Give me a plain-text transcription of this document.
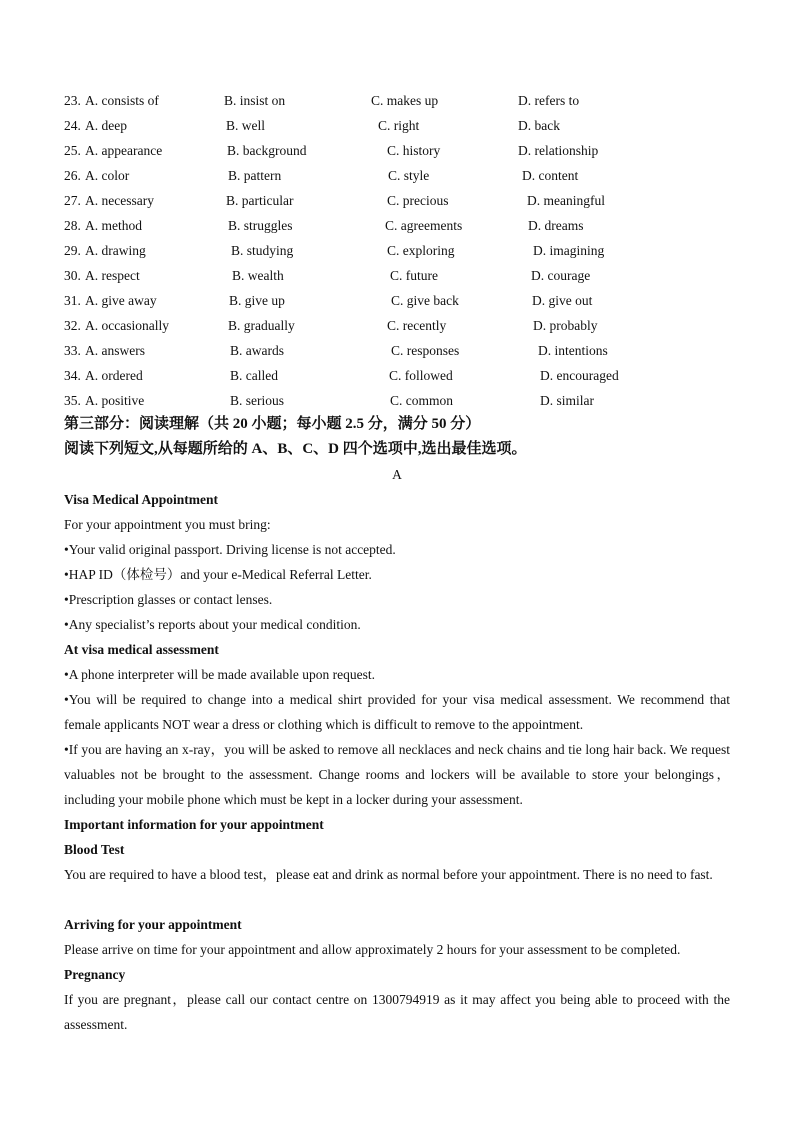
23. A. consists of	B. insist on	C. makes up	D. refers to
24. A. deep	B. well	C. right	D. back
25. A. appearance	B. background	C. history	D. relationship
26. A. color	B. pattern	C. style	D. content
27. A. necessary	B. particular	C. precious	D. meaningful
28. A. method	B. struggles	C. agreements	D. dreams
29. A. drawing	B. studying	C. exploring	D. imagining
30. A. respect	B. wealth	C. future	D. courage
31. A. give away	B. give up	C. give back	D. give out
32. A. occasionally	B. gradually	C. recently	D. probably
33. A. answers	B. awards	C. responses	D. intentions
34. A. ordered	B. called	C. followed	D. encouraged
35. A. positive	B. serious	C. common	D. similar
第三部分：阅读理解（共 20 小题；每小题 2.5 分，满分 50 分）
阅读下列短文,从每题所给的 A、B、C、D 四个选项中,选出最佳选项。
A
Visa Medical Appointment
For your appointment you must bring:
•Your valid original passport. Driving license is not accepted.
•HAP ID（体检号）and your e-Medical Referral Letter.
•Prescription glasses or contact lenses.
•Any specialist’s reports about your medical condition.
At visa medical assessment
•A phone interpreter will be made available upon request.
•You will be required to change into a medical shirt provided for your visa medical assessment. We recommend that female applicants NOT wear a dress or clothing which is difficult to remove to the appointment.
•If you are having an x-ray，you will be asked to remove all necklaces and neck chains and tie long hair back. We request valuables not be brought to the assessment. Change rooms and lockers will be available to store your belongings，including your mobile phone which must be kept in a locker during your assessment.
Important information for your appointment
Blood Test
You are required to have a blood test，please eat and drink as normal before your appointment. There is no need to fast.
Arriving for your appointment
Please arrive on time for your appointment and allow approximately 2 hours for your assessment to be completed.
Pregnancy
If you are pregnant，please call our contact centre on 1300794919 as it may affect you being able to proceed with the assessment.
